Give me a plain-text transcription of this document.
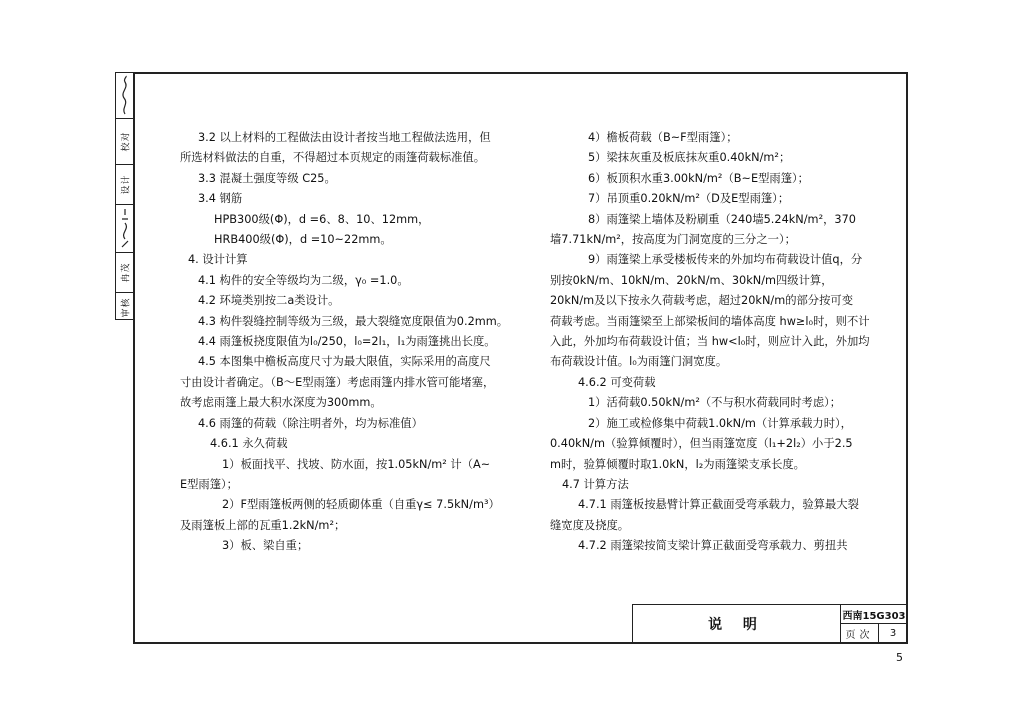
校对
设计
冉茂
审核

3.2 以上材料的工程做法由设计者按当地工程做法选用，但

所选材料做法的自重，不得超过本页规定的雨篷荷载标准值。

3.3 混凝土强度等级 C25。

3.4 钢筋

HPB300级(Φ)，d =6、8、10、12mm，

HRB400级(Φ)，d =10~22mm。

4. 设计计算

4.1 构件的安全等级均为二级，γ₀ =1.0。

4.2 环境类别按二a类设计。

4.3 构件裂缝控制等级为三级，最大裂缝宽度限值为0.2mm。

4.4 雨篷板挠度限值为l₀/250，l₀=2l₁，l₁为雨篷挑出长度。

4.5 本图集中檐板高度尺寸为最大限值，实际采用的高度尺

寸由设计者确定。（B～E型雨篷）考虑雨篷内排水管可能堵塞，

故考虑雨篷上最大积水深度为300mm。

4.6 雨篷的荷载（除注明者外，均为标准值）

4.6.1 永久荷载

1）板面找平、找坡、防水面，按1.05kN/m² 计（A~

E型雨篷）；

2）F型雨篷板两侧的轻质砌体重（自重γ≤ 7.5kN/m³）

及雨篷板上部的瓦重1.2kN/m²；

3）板、梁自重；

4）檐板荷载（B~F型雨篷）；

5）梁抹灰重及板底抹灰重0.40kN/m²；

6）板顶积水重3.00kN/m²（B~E型雨篷）；

7）吊顶重0.20kN/m²（D及E型雨篷）；

8）雨篷梁上墙体及粉刷重（240墙5.24kN/m²，370

墙7.71kN/m²，按高度为门洞宽度的三分之一）；

9）雨篷梁上承受楼板传来的外加均布荷载设计值q，分

别按0kN/m、10kN/m、20kN/m、30kN/m四级计算，

20kN/m及以下按永久荷载考虑，超过20kN/m的部分按可变

荷载考虑。当雨篷梁至上部梁板间的墙体高度 hw≥l₀时，则不计

入此，外加均布荷载设计值；当 hw<l₀时，则应计入此，外加均

布荷载设计值。l₀为雨篷门洞宽度。

4.6.2 可变荷载

1）活荷载0.50kN/m²（不与积水荷载同时考虑）；

2）施工或检修集中荷载1.0kN/m（计算承载力时），

0.40kN/m（验算倾覆时），但当雨篷宽度（l₁+2l₂）小于2.5

m时，验算倾覆时取1.0kN，l₂为雨篷梁支承长度。

4.7 计算方法

4.7.1 雨篷板按悬臂计算正截面受弯承载力，验算最大裂

缝宽度及挠度。

4.7.2 雨篷梁按简支梁计算正截面受弯承载力、剪扭共

说 明
西南15G303
页次	3
5
